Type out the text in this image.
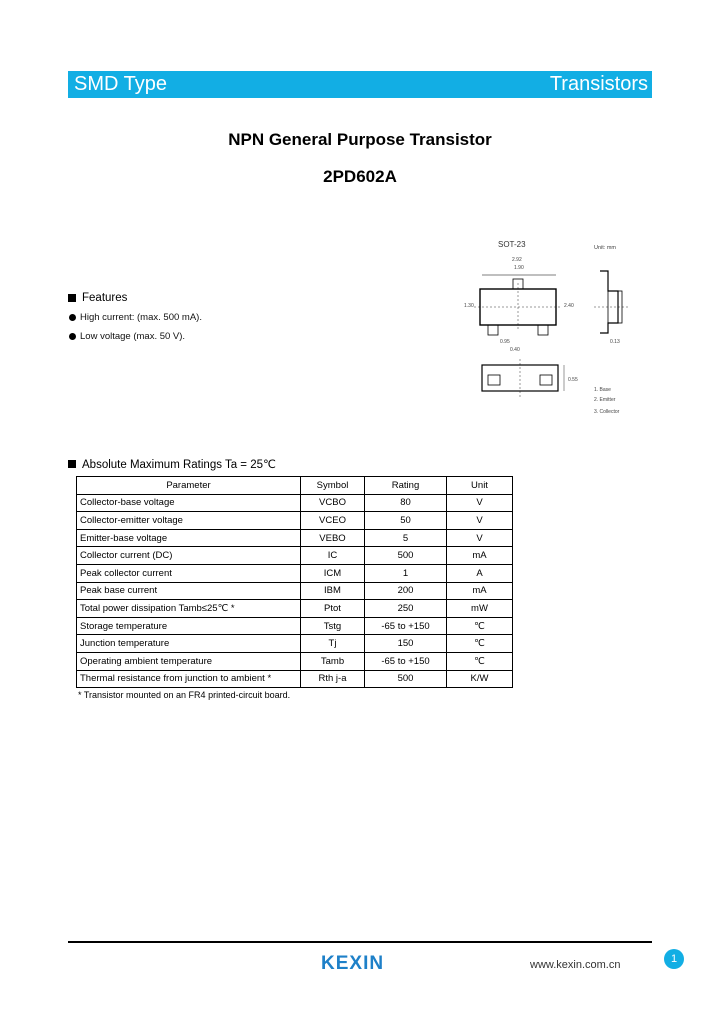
SMD Type	Transistors
NPN General Purpose Transistor
2PD602A
SOT-23	Unit: mm
2.92
1.90
1.30	2.40
0.95
0.40
0.13
0.55
1. Base
2. Emitter
3. Collector
Features
High current: (max. 500 mA).
Low voltage (max. 50 V).
Absolute Maximum Ratings Ta = 25℃
Parameter	Symbol	Rating	Unit
Collector-base voltage	VCBO	80	V
Collector-emitter voltage	VCEO	50	V
Emitter-base voltage	VEBO	5	V
Collector current (DC)	IC	500	mA
Peak collector current	ICM	1	A
Peak base current	IBM	200	mA
Total power dissipation Tamb≤25℃ *	Ptot	250	mW
Storage temperature	Tstg	-65 to +150	℃
Junction temperature	Tj	150	℃
Operating ambient temperature	Tamb	-65 to +150	℃
Thermal resistance from junction to ambient *	Rth j-a	500	K/W
* Transistor mounted on an FR4 printed-circuit board.
KEXIN	www.kexin.com.cn	1
